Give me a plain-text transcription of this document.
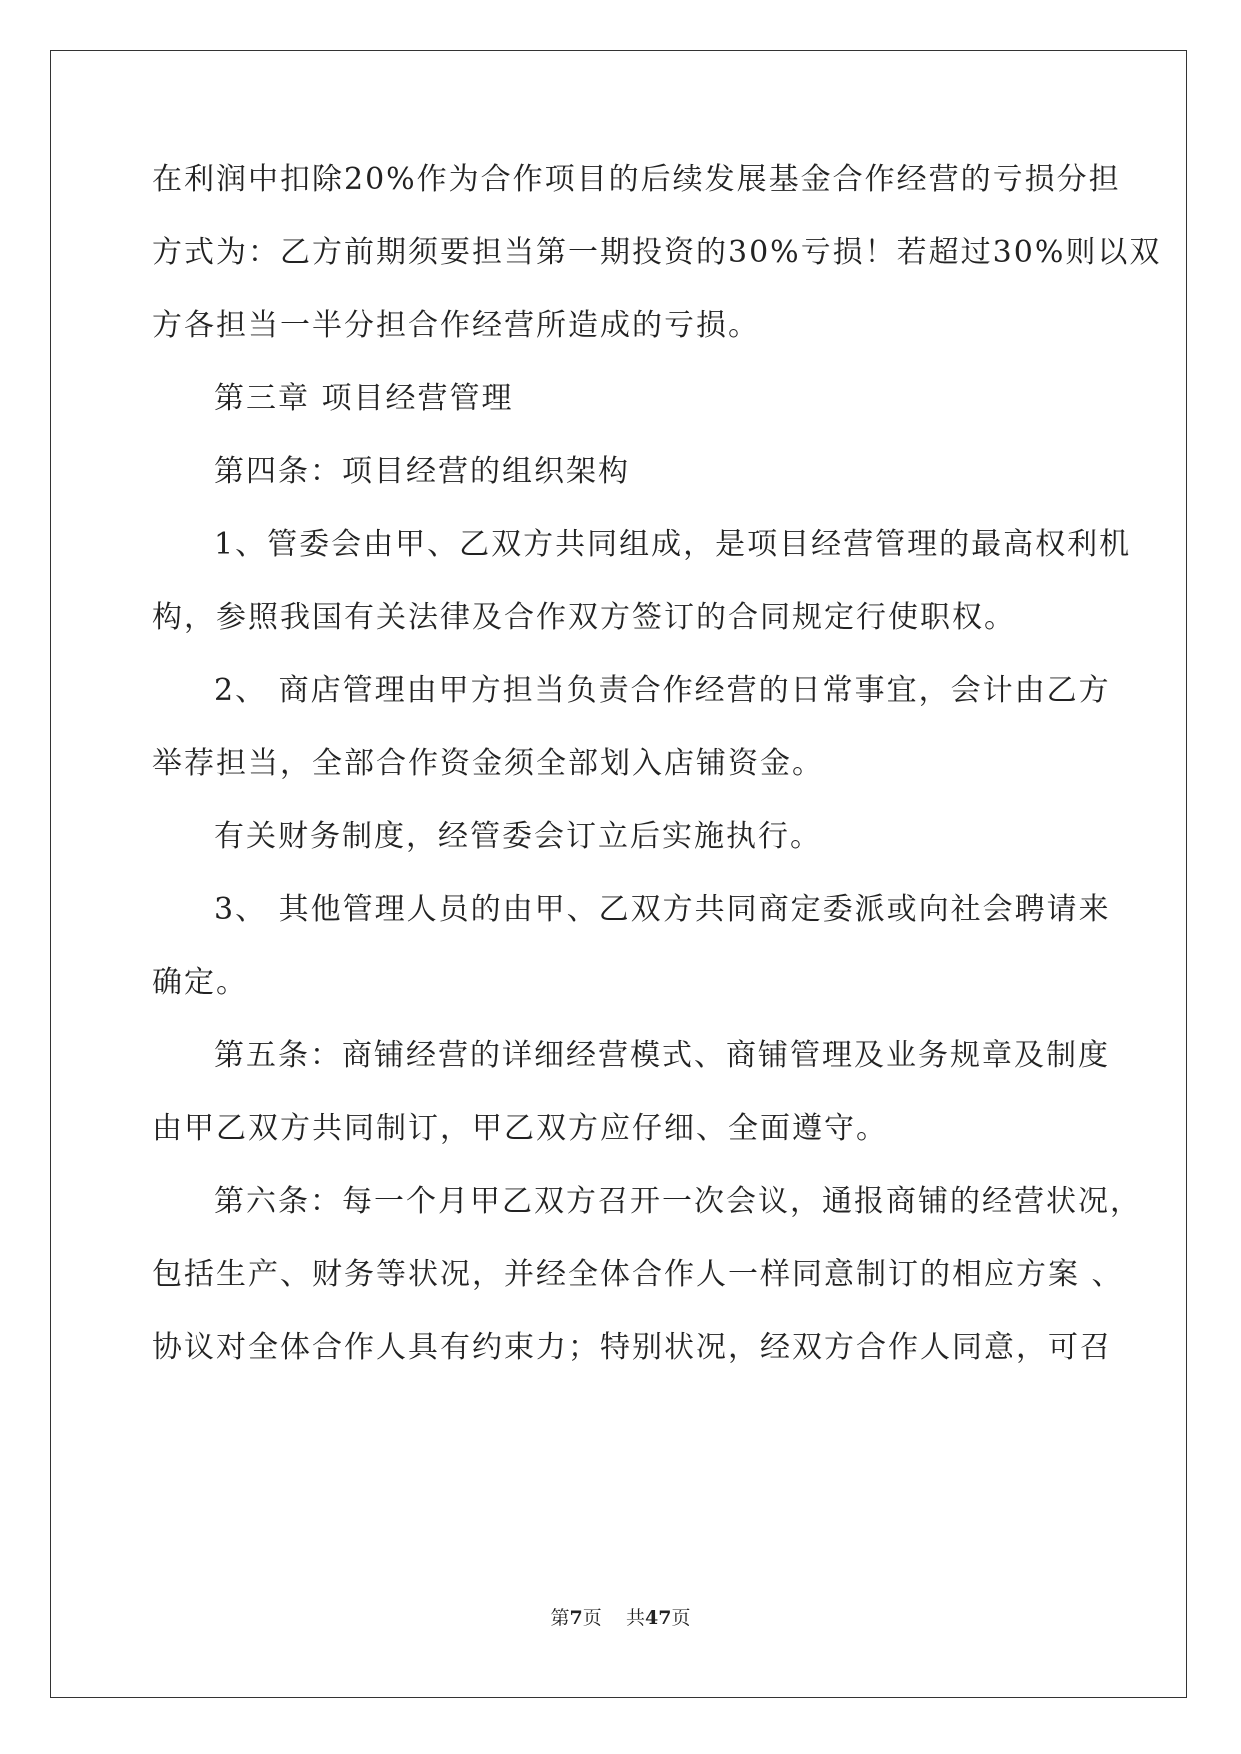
在利润中扣除20%作为合作项目的后续发展基金合作经营的亏损分担
方式为：乙方前期须要担当第一期投资的30%亏损！若超过30%则以双
方各担当一半分担合作经营所造成的亏损。
第三章 项目经营管理
第四条：项目经营的组织架构
1、管委会由甲、乙双方共同组成，是项目经营管理的最高权利机
构，参照我国有关法律及合作双方签订的合同规定行使职权。
2、 商店管理由甲方担当负责合作经营的日常事宜，会计由乙方
举荐担当，全部合作资金须全部划入店铺资金。
有关财务制度，经管委会订立后实施执行。
3、 其他管理人员的由甲、乙双方共同商定委派或向社会聘请来
确定。
第五条：商铺经营的详细经营模式、商铺管理及业务规章及制度
由甲乙双方共同制订，甲乙双方应仔细、全面遵守。
第六条：每一个月甲乙双方召开一次会议，通报商铺的经营状况，
包括生产、财务等状况，并经全体合作人一样同意制订的相应方案 、
协议对全体合作人具有约束力；特别状况，经双方合作人同意，可召
第7页 共47页
